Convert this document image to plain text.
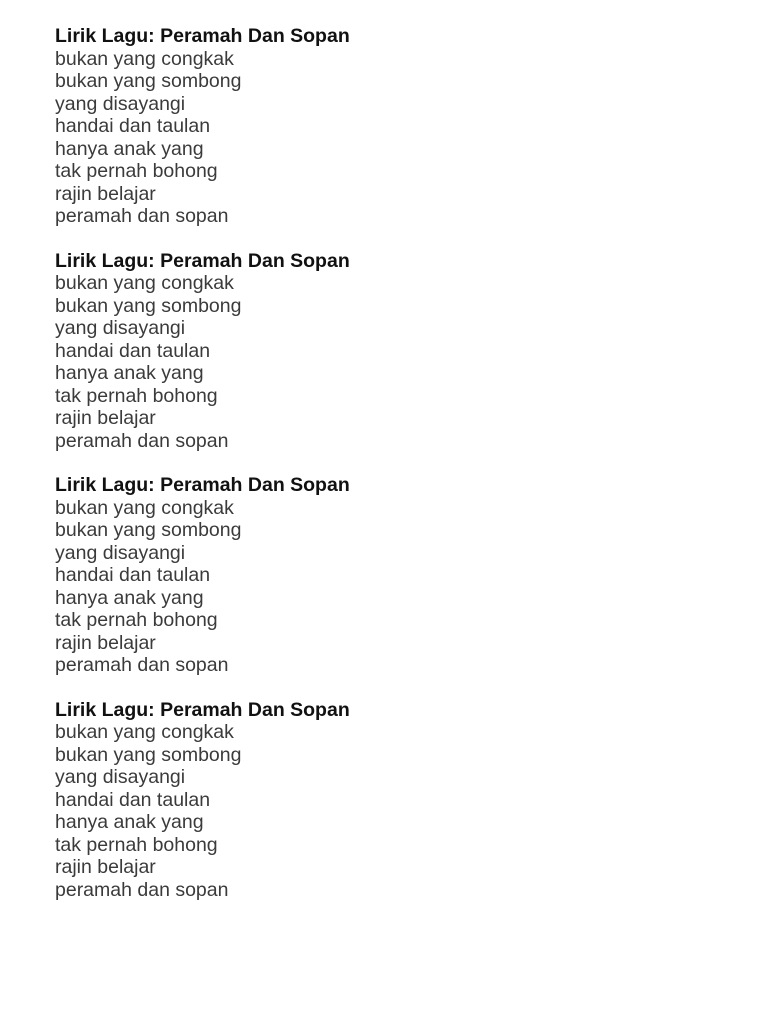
Lirik Lagu: Peramah Dan Sopan
bukan yang congkak
bukan yang sombong
yang disayangi
handai dan taulan
hanya anak yang
tak pernah bohong
rajin belajar
peramah dan sopan
Lirik Lagu: Peramah Dan Sopan
bukan yang congkak
bukan yang sombong
yang disayangi
handai dan taulan
hanya anak yang
tak pernah bohong
rajin belajar
peramah dan sopan
Lirik Lagu: Peramah Dan Sopan
bukan yang congkak
bukan yang sombong
yang disayangi
handai dan taulan
hanya anak yang
tak pernah bohong
rajin belajar
peramah dan sopan
Lirik Lagu: Peramah Dan Sopan
bukan yang congkak
bukan yang sombong
yang disayangi
handai dan taulan
hanya anak yang
tak pernah bohong
rajin belajar
peramah dan sopan
